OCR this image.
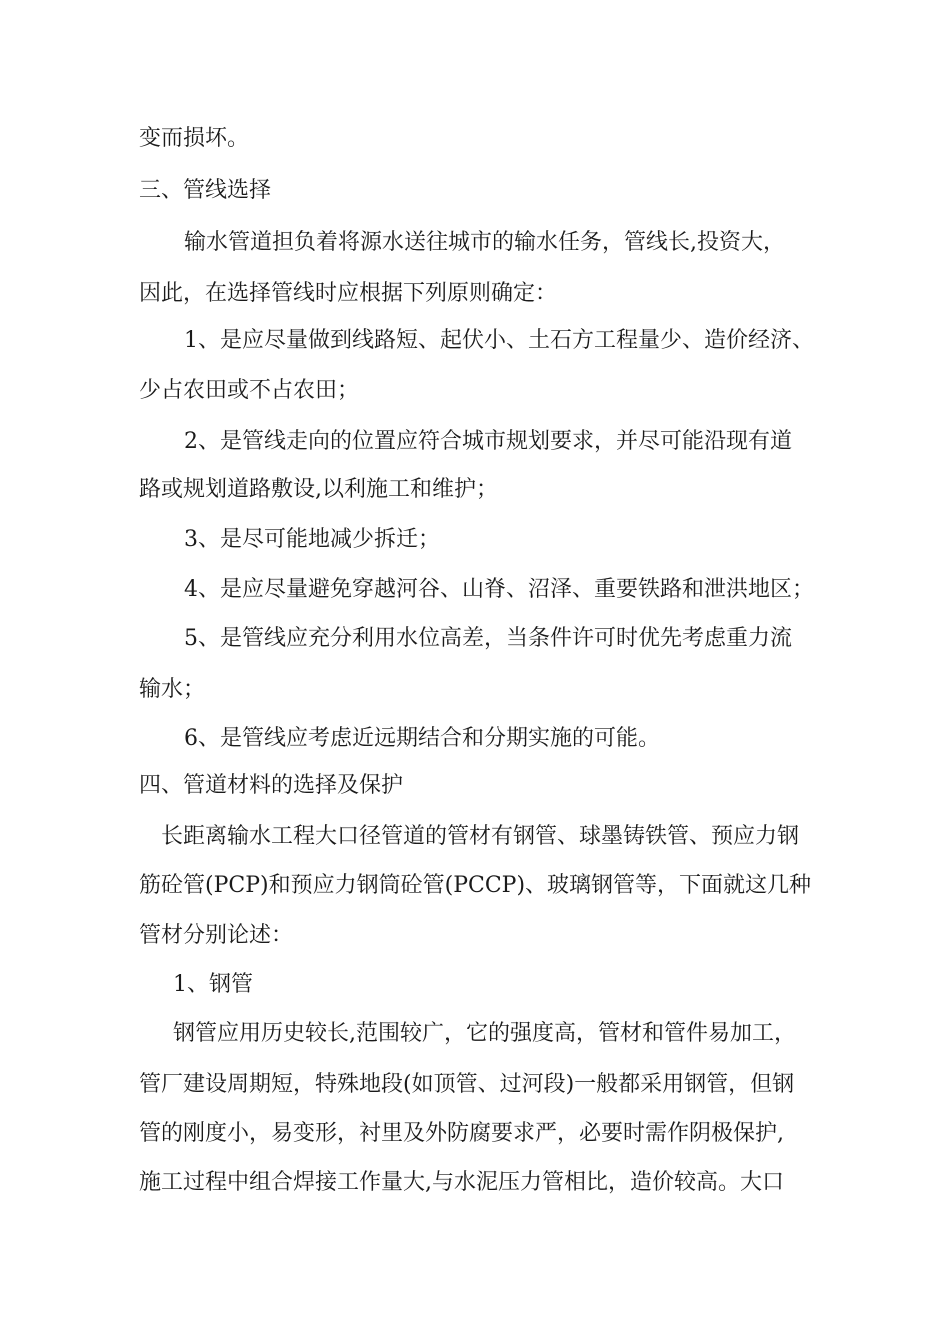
变而损坏。
三、管线选择
输水管道担负着将源水送往城市的输水任务，管线长,投资大，
因此，在选择管线时应根据下列原则确定：
1、是应尽量做到线路短、起伏小、土石方工程量少、造价经济、
少占农田或不占农田；
2、是管线走向的位置应符合城市规划要求，并尽可能沿现有道
路或规划道路敷设,以利施工和维护；
3、是尽可能地减少拆迁；
4、是应尽量避免穿越河谷、山脊、沼泽、重要铁路和泄洪地区；
5、是管线应充分利用水位高差，当条件许可时优先考虑重力流
输水；
6、是管线应考虑近远期结合和分期实施的可能。
四、管道材料的选择及保护
长距离输水工程大口径管道的管材有钢管、球墨铸铁管、预应力钢
筋砼管(PCP)和预应力钢筒砼管(PCCP)、玻璃钢管等，下面就这几种
管材分别论述：
1、钢管
钢管应用历史较长,范围较广，它的强度高，管材和管件易加工，
管厂建设周期短，特殊地段(如顶管、过河段)一般都采用钢管，但钢
管的刚度小，易变形，衬里及外防腐要求严，必要时需作阴极保护,
施工过程中组合焊接工作量大,与水泥压力管相比，造价较高。大口
